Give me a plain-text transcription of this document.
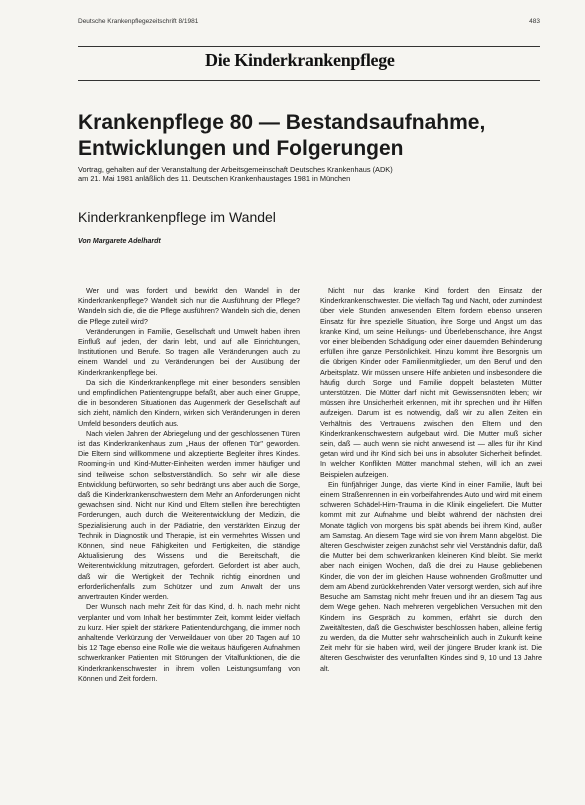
Deutsche Krankenpflegezeitschrift 8/1981	483
Die Kinderkrankenpflege
Krankenpflege 80 — Bestandsaufnahme,
Entwicklungen und Folgerungen
Vortrag, gehalten auf der Veranstaltung der Arbeitsgemeinschaft Deutsches Krankenhaus (ADK)
am 21. Mai 1981 anläßlich des 11. Deutschen Krankenhaustages 1981 in München
Kinderkrankenpflege im Wandel
Von Margarete Adelhardt

Wer und was fordert und bewirkt den Wandel in der Kinderkrankenpflege? Wandelt sich nur die Ausführung der Pflege? Wandeln sich die, die die Pflege ausführen? Wandeln sich die, denen die Pflege zuteil wird?

Veränderungen in Familie, Gesellschaft und Umwelt haben ihren Einfluß auf jeden, der darin lebt, und auf alle Einrichtungen, Institutionen und Berufe. So tragen alle Veränderungen auch zu einem Wandel und zu Veränderungen bei der Ausübung der Kinderkrankenpflege bei.

Da sich die Kinderkrankenpflege mit einer besonders sensiblen und empfindlichen Patientengruppe befaßt, aber auch einer Gruppe, die in besonderen Situationen das Augenmerk der Gesellschaft auf sich zieht, nämlich den Kindern, wirken sich Veränderungen in deren Umfeld besonders deutlich aus.

Nach vielen Jahren der Abriegelung und der geschlossenen Türen ist das Kinderkrankenhaus zum „Haus der offenen Tür" geworden. Die Eltern sind willkommene und akzeptierte Begleiter ihres Kindes. Rooming-in und Kind-Mutter-Einheiten werden immer häufiger und sind teilweise schon selbstverständlich. So sehr wir alle diese Entwicklung befürworten, so sehr bedrängt uns aber auch die Sorge, daß die Kinderkrankenschwestern dem Mehr an Anforderungen nicht gewachsen sind. Nicht nur Kind und Eltern stellen ihre berechtigten Forderungen, auch durch die Weiterentwicklung der Medizin, die Spezialisierung auch in der Pädiatrie, den verstärkten Einzug der Technik in Diagnostik und Therapie, ist ein vermehrtes Wissen und Können, sind neue Fähigkeiten und Fertigkeiten, die ständige Aktualisierung des Wissens und die Bereitschaft, die Weiterentwicklung mitzutragen, gefordert. Gefordert ist aber auch, daß wir die Wertigkeit der Technik richtig einordnen und erforderlichenfalls zum Schützer und zum Anwalt der uns anvertrauten Kinder werden.

Der Wunsch nach mehr Zeit für das Kind, d. h. nach mehr nicht verplanter und vom Inhalt her bestimmter Zeit, kommt leider vielfach zu kurz. Hier spielt der stärkere Patientendurchgang, die immer noch anhaltende Verkürzung der Verweildauer von über 20 Tagen auf 10 bis 12 Tage ebenso eine Rolle wie die weitaus häufigeren Aufnahmen schwerkranker Patienten mit Störungen der Vitalfunktionen, die die Kinderkrankenschwester in ihrem vollen Leistungsumfang von Können und Zeit fordern.

Nicht nur das kranke Kind fordert den Einsatz der Kinderkrankenschwester. Die vielfach Tag und Nacht, oder zumindest über viele Stunden anwesenden Eltern fordern ebenso unseren Einsatz für ihre spezielle Situation, ihre Sorge und Angst um das kranke Kind, um seine Heilungs- und Überlebenschance, ihre Angst vor einer bleibenden Schädigung oder einer dauernden Behinderung erfüllen ihre ganze Persönlichkeit. Hinzu kommt ihre Besorgnis um die übrigen Kinder oder Familienmitglieder, um den Beruf und den Arbeitsplatz. Wir müssen unsere Hilfe anbieten und insbesondere die häufig durch Sorge und Familie doppelt belasteten Mütter unterstützen. Die Mütter darf nicht mit Gewissensnöten leben; wir müssen ihre Unsicherheit erkennen, mit ihr sprechen und ihr Hilfen aufzeigen. Darum ist es notwendig, daß wir zu allen Zeiten ein Verhältnis des Vertrauens zwischen den Eltern und den Kinderkrankenschwestern aufgebaut wird. Die Mutter muß sicher sein, daß — auch wenn sie nicht anwesend ist — alles für ihr Kind getan wird und ihr Kind sich bei uns in absoluter Sicherheit befindet. In welcher Konflikten Mütter manchmal stehen, will ich an zwei Beispielen aufzeigen.

Ein fünfjähriger Junge, das vierte Kind in einer Familie, läuft bei einem Straßenrennen in ein vorbeifahrendes Auto und wird mit einem schweren Schädel-Hirn-Trauma in die Klinik eingeliefert. Die Mutter kommt mit zur Aufnahme und bleibt während der nächsten drei Monate täglich von morgens bis spät abends bei ihrem Kind, außer am Samstag. An diesem Tage wird sie von ihrem Mann abgelöst. Die älteren Geschwister zeigen zunächst sehr viel Verständnis dafür, daß die Mutter bei dem schwerkranken kleineren Kind bleibt. Sie merkt aber nach einigen Wochen, daß die drei zu Hause gebliebenen Kinder, die von der im gleichen Hause wohnenden Großmutter und dem am Abend zurückkehrenden Vater versorgt werden, sich auf ihre Besuche am Samstag nicht mehr freuen und ihr an diesem Tag aus dem Wege gehen. Nach mehreren vergeblichen Versuchen mit den Kindern ins Gespräch zu kommen, erfährt sie durch den Zweitältesten, daß die Geschwister beschlossen haben, alleine fertig zu werden, da die Mutter sehr wahrscheinlich auch in Zukunft keine Zeit mehr für sie haben wird, weil der jüngere Bruder krank ist. Die älteren Geschwister des verunfallten Kindes sind 9, 10 und 13 Jahre alt.
